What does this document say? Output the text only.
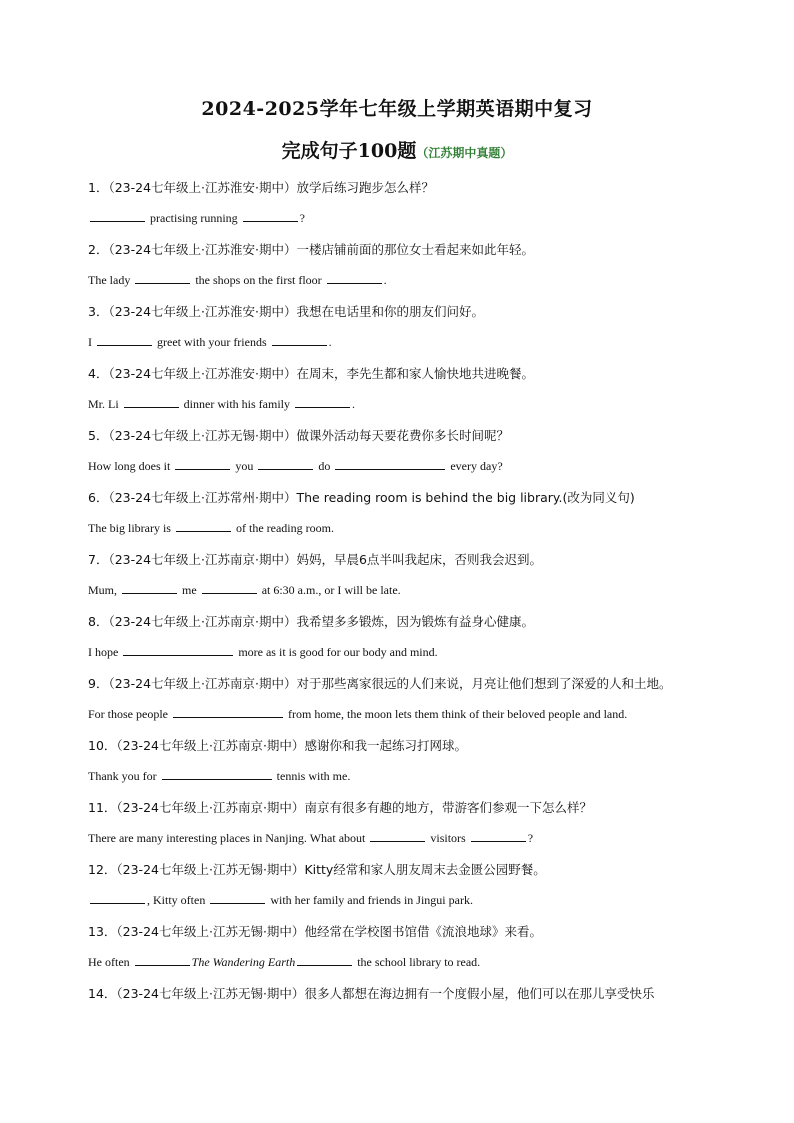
2024-2025学年七年级上学期英语期中复习
完成句子100题（江苏期中真题）
1．（23-24七年级上·江苏淮安·期中）放学后练习跑步怎么样？
practising running	?
2．（23-24七年级上·江苏淮安·期中）一楼店铺前面的那位女士看起来如此年轻。
The lady	the shops on the first floor	.
3．（23-24七年级上·江苏淮安·期中）我想在电话里和你的朋友们问好。
I	greet with your friends	.
4．（23-24七年级上·江苏淮安·期中）在周末，李先生都和家人愉快地共进晚餐。
Mr. Li	dinner with his family	.
5．（23-24七年级上·江苏无锡·期中）做课外活动每天要花费你多长时间呢？
How long does it	you	do	every day?
6．（23-24七年级上·江苏常州·期中）The reading room is behind the big library.(改为同义句)
The big library is	of the reading room.
7．（23-24七年级上·江苏南京·期中）妈妈，早晨6点半叫我起床，否则我会迟到。
Mum,	me	at 6:30 a.m., or I will be late.
8．（23-24七年级上·江苏南京·期中）我希望多多锻炼，因为锻炼有益身心健康。
I hope	more as it is good for our body and mind.
9．（23-24七年级上·江苏南京·期中）对于那些离家很远的人们来说，月亮让他们想到了深爱的人和土地。
For those people	from home, the moon lets them think of their beloved people and land.
10．（23-24七年级上·江苏南京·期中）感谢你和我一起练习打网球。
Thank you for	tennis with me.
11．（23-24七年级上·江苏南京·期中）南京有很多有趣的地方，带游客们参观一下怎么样？
There are many interesting places in Nanjing. What about	visitors	?
12．（23-24七年级上·江苏无锡·期中）Kitty经常和家人朋友周末去金匮公园野餐。
, Kitty often	with her family and friends in Jingui park.
13．（23-24七年级上·江苏无锡·期中）他经常在学校图书馆借《流浪地球》来看。
He often	The Wandering Earth	the school library to read.
14．（23-24七年级上·江苏无锡·期中）很多人都想在海边拥有一个度假小屋，他们可以在那儿享受快乐
